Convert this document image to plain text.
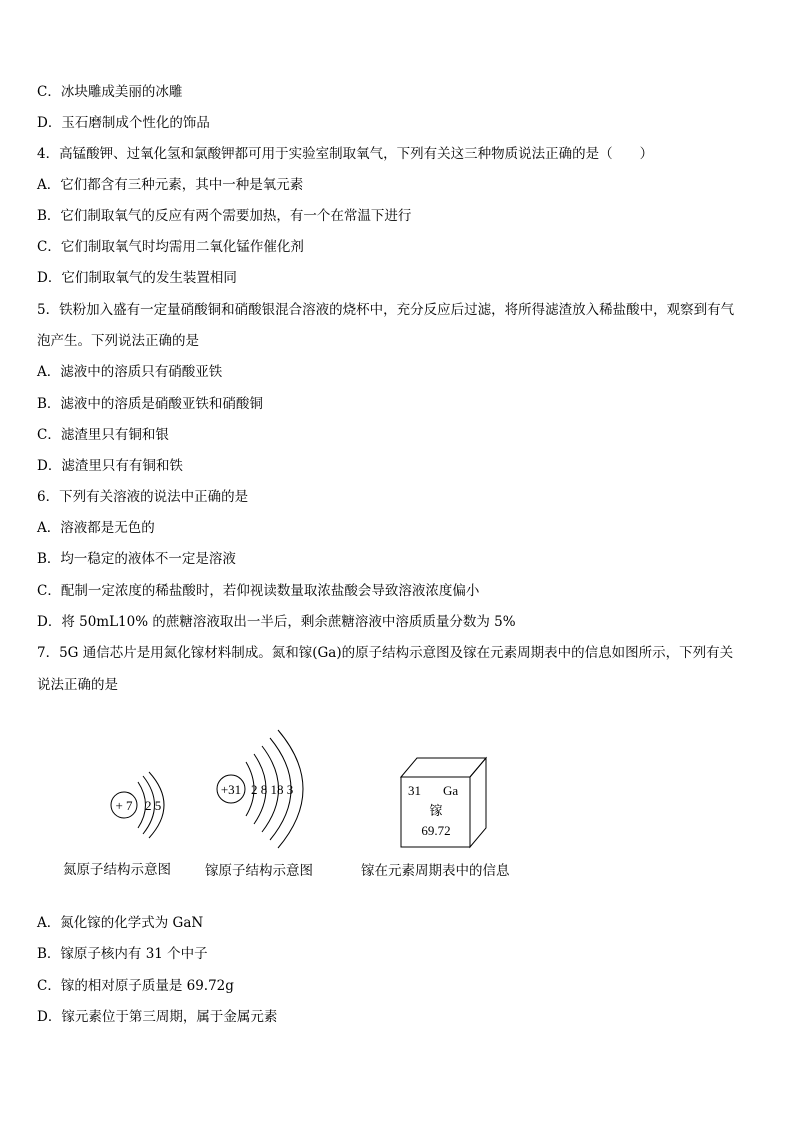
C．冰块雕成美丽的冰雕
D．玉石磨制成个性化的饰品
4．高锰酸钾、过氧化氢和氯酸钾都可用于实验室制取氧气，下列有关这三种物质说法正确的是（　　）
A．它们都含有三种元素，其中一种是氧元素
B．它们制取氧气的反应有两个需要加热，有一个在常温下进行
C．它们制取氧气时均需用二氧化锰作催化剂
D．它们制取氧气的发生装置相同
5．铁粉加入盛有一定量硝酸铜和硝酸银混合溶液的烧杯中，充分反应后过滤，将所得滤渣放入稀盐酸中，观察到有气
泡产生。下列说法正确的是
A．滤液中的溶质只有硝酸亚铁
B．滤液中的溶质是硝酸亚铁和硝酸铜
C．滤渣里只有铜和银
D．滤渣里只有有铜和铁
6．下列有关溶液的说法中正确的是
A．溶液都是无色的
B．均一稳定的液体不一定是溶液
C．配制一定浓度的稀盐酸时，若仰视读数量取浓盐酸会导致溶液浓度偏小
D．将 50mL10% 的蔗糖溶液取出一半后，剩余蔗糖溶液中溶质质量分数为 5%
7．5G 通信芯片是用氮化镓材料制成。氮和镓(Ga)的原子结构示意图及镓在元素周期表中的信息如图所示，下列有关
说法正确的是
+ 7 2 5
+31 2 8 18 3	31 Ga
镓
69.72
氮原子结构示意图	镓原子结构示意图	镓在元素周期表中的信息
A．氮化镓的化学式为 GaN
B．镓原子核内有 31 个中子
C．镓的相对原子质量是 69.72g
D．镓元素位于第三周期，属于金属元素
